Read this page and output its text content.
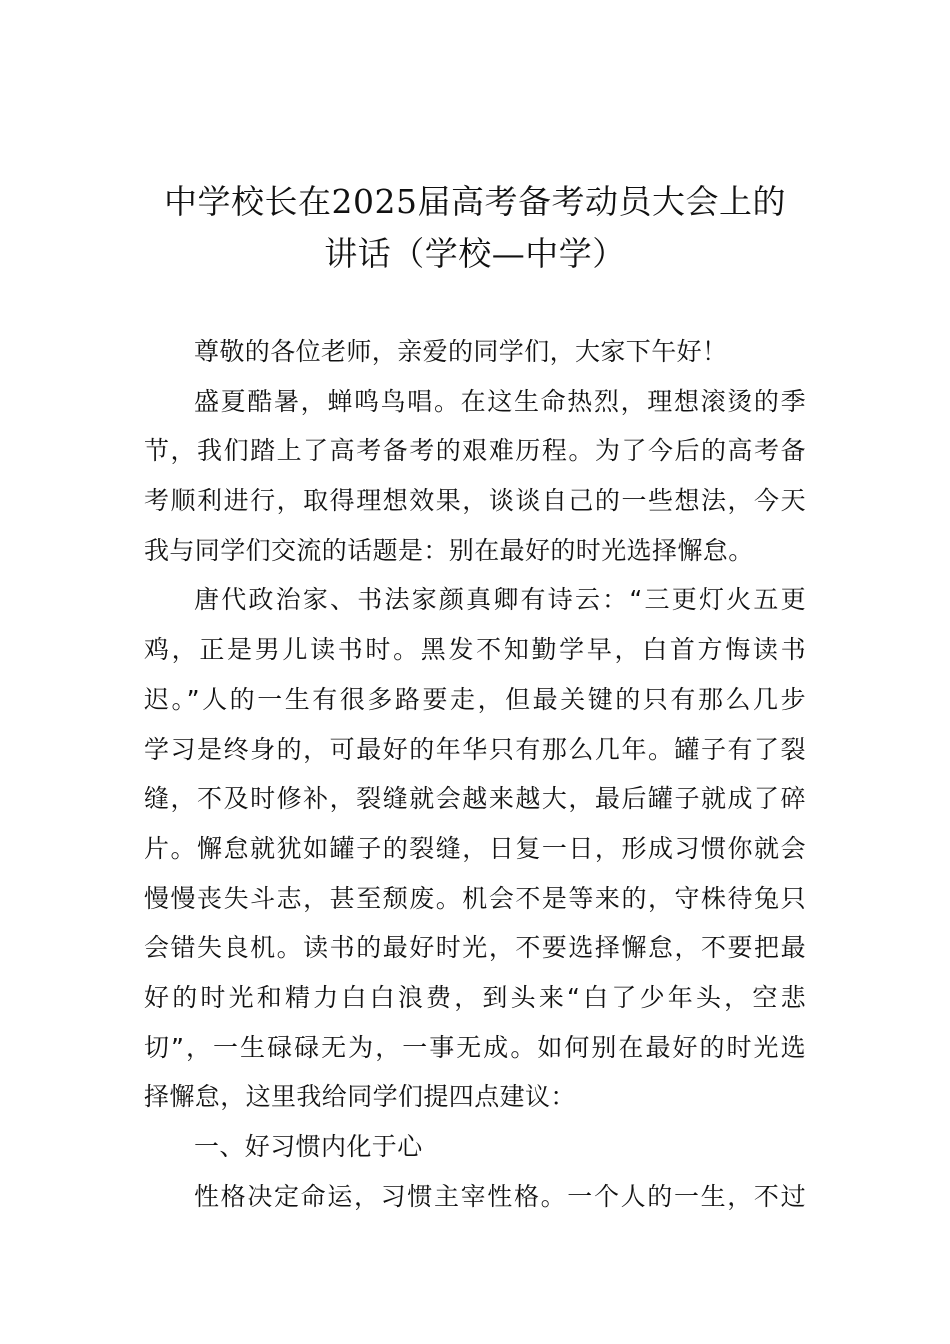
中学校长在2025届高考备考动员大会上的
讲话（学校—中学）
尊敬的各位老师，亲爱的同学们，大家下午好！
盛夏酷暑，蝉鸣鸟唱。在这生命热烈，理想滚烫的季
节，我们踏上了高考备考的艰难历程。为了今后的高考备
考顺利进行，取得理想效果，谈谈自己的一些想法，今天
我与同学们交流的话题是：别在最好的时光选择懈怠。
唐代政治家、书法家颜真卿有诗云：“三更灯火五更
鸡，正是男儿读书时。黑发不知勤学早，白首方悔读书
迟。”人的一生有很多路要走，但最关键的只有那么几步
学习是终身的，可最好的年华只有那么几年。罐子有了裂
缝，不及时修补，裂缝就会越来越大，最后罐子就成了碎
片。懈怠就犹如罐子的裂缝，日复一日，形成习惯你就会
慢慢丧失斗志，甚至颓废。机会不是等来的，守株待兔只
会错失良机。读书的最好时光，不要选择懈怠，不要把最
好的时光和精力白白浪费，到头来“白了少年头，空悲
切”，一生碌碌无为，一事无成。如何别在最好的时光选
择懈怠，这里我给同学们提四点建议：
一、好习惯内化于心
性格决定命运，习惯主宰性格。一个人的一生，不过
